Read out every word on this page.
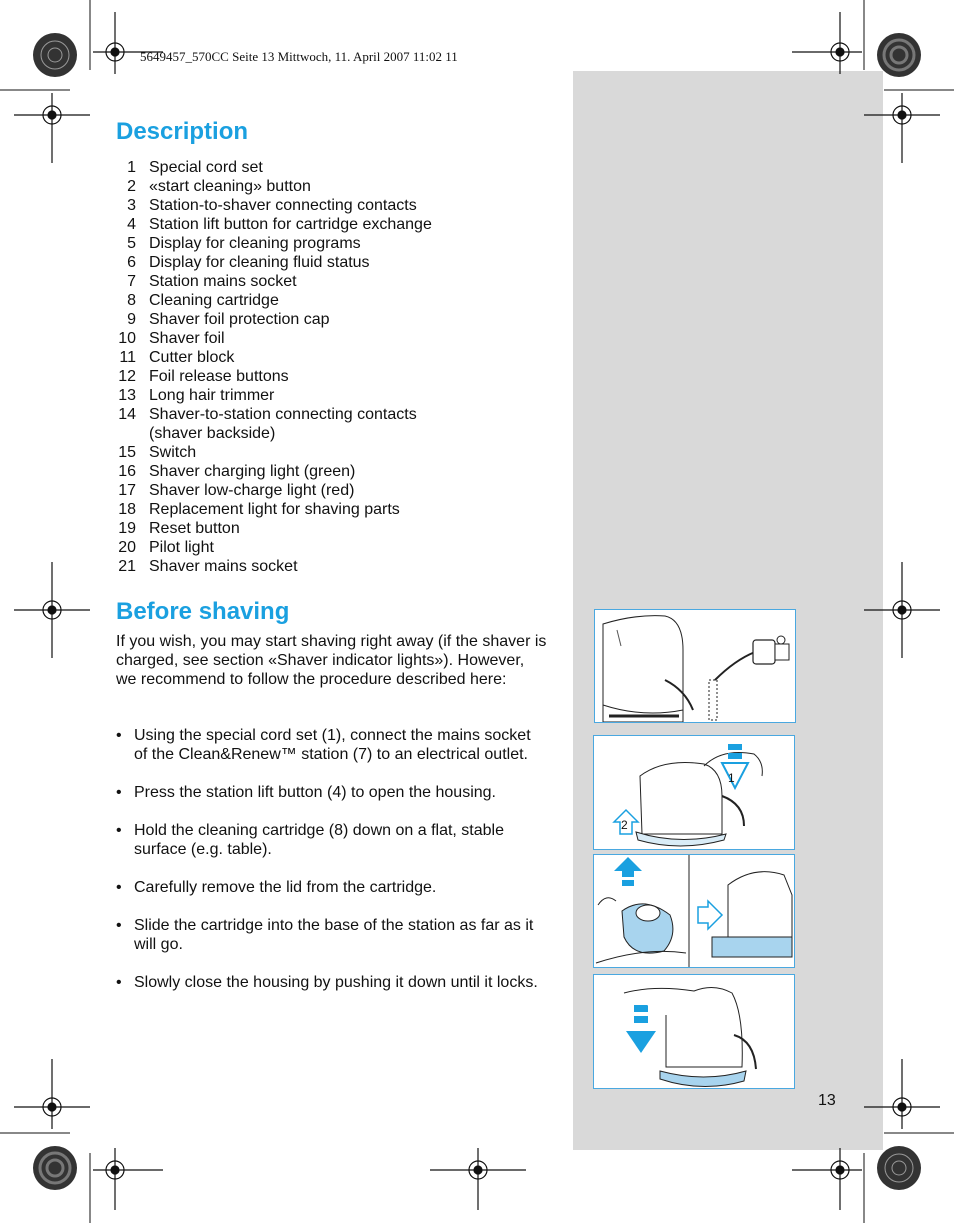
5649457_570CC Seite 13 Mittwoch, 11. April 2007 11:02 11
Description
1 Special cord set
2 «start cleaning» button
3 Station-to-shaver connecting contacts
4 Station lift button for cartridge exchange
5 Display for cleaning programs
6 Display for cleaning fluid status
7 Station mains socket
8 Cleaning cartridge
9 Shaver foil protection cap
10 Shaver foil
11 Cutter block
12 Foil release buttons
13 Long hair trimmer
14 Shaver-to-station connecting contacts (shaver backside)
15 Switch
16 Shaver charging light (green)
17 Shaver low-charge light (red)
18 Replacement light for shaving parts
19 Reset button
20 Pilot light
21 Shaver mains socket
Before shaving
If you wish, you may start shaving right away (if the shaver is charged, see section «Shaver indicator lights»). However, we recommend to follow the procedure described here:
• Using the special cord set (1), connect the mains socket of the Clean&Renew™ station (7) to an electrical outlet.
• Press the station lift button (4) to open the housing.
• Hold the cleaning cartridge (8) down on a flat, stable surface (e.g. table).
• Carefully remove the lid from the cartridge.
• Slide the cartridge into the base of the station as far as it will go.
• Slowly close the housing by pushing it down until it locks.
1
2
13
